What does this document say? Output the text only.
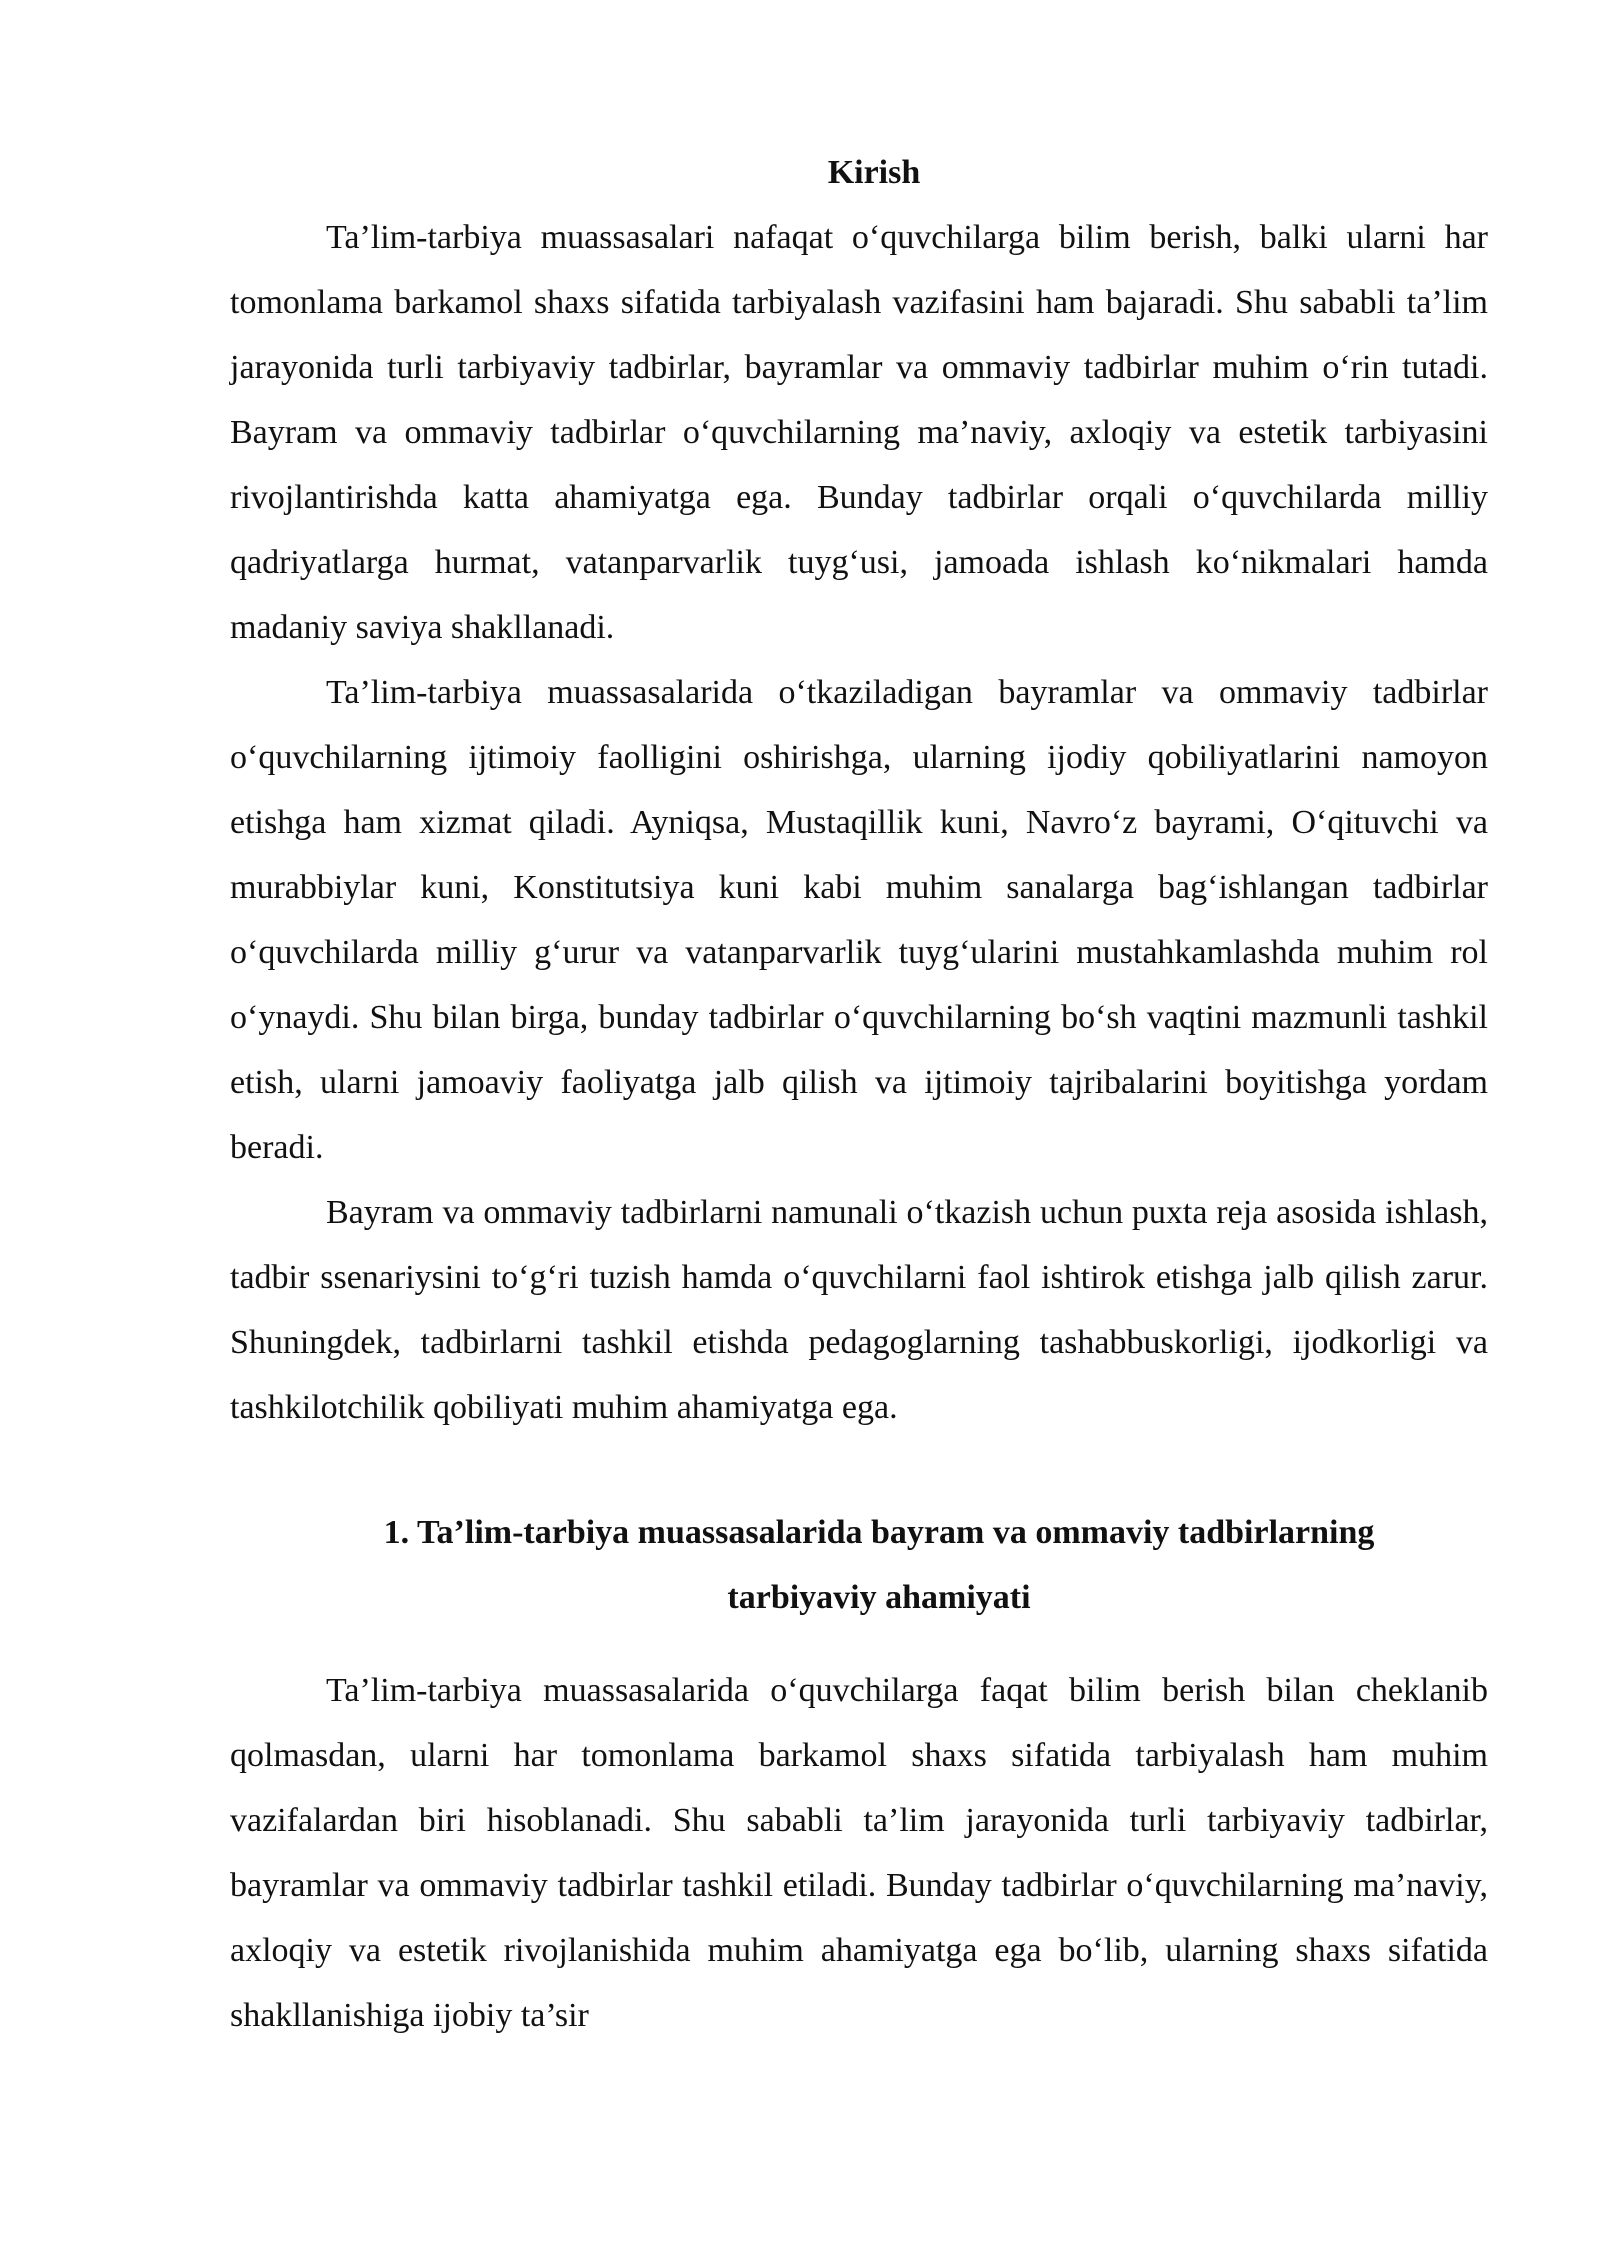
Kirish

Ta’lim-tarbiya muassasalari nafaqat o‘quvchilarga bilim berish, balki ularni har tomonlama barkamol shaxs sifatida tarbiyalash vazifasini ham bajaradi. Shu sababli ta’lim jarayonida turli tarbiyaviy tadbirlar, bayramlar va ommaviy tadbirlar muhim o‘rin tutadi. Bayram va ommaviy tadbirlar o‘quvchilarning ma’naviy, axloqiy va estetik tarbiyasini rivojlantirishda katta ahamiyatga ega. Bunday tadbirlar orqali o‘quvchilarda milliy qadriyatlarga hurmat, vatanparvarlik tuyg‘usi, jamoada ishlash ko‘nikmalari hamda madaniy saviya shakllanadi.

Ta’lim-tarbiya muassasalarida o‘tkaziladigan bayramlar va ommaviy tadbirlar o‘quvchilarning ijtimoiy faolligini oshirishga, ularning ijodiy qobiliyatlarini namoyon etishga ham xizmat qiladi. Ayniqsa, Mustaqillik kuni, Navro‘z bayrami, O‘qituvchi va murabbiylar kuni, Konstitutsiya kuni kabi muhim sanalarga bag‘ishlangan tadbirlar o‘quvchilarda milliy g‘urur va vatanparvarlik tuyg‘ularini mustahkamlashda muhim rol o‘ynaydi. Shu bilan birga, bunday tadbirlar o‘quvchilarning bo‘sh vaqtini mazmunli tashkil etish, ularni jamoaviy faoliyatga jalb qilish va ijtimoiy tajribalarini boyitishga yordam beradi.

Bayram va ommaviy tadbirlarni namunali o‘tkazish uchun puxta reja asosida ishlash, tadbir ssenariysini to‘g‘ri tuzish hamda o‘quvchilarni faol ishtirok etishga jalb qilish zarur. Shuningdek, tadbirlarni tashkil etishda pedagoglarning tashabbuskorligi, ijodkorligi va tashkilotchilik qobiliyati muhim ahamiyatga ega.

1. Ta’lim-tarbiya muassasalarida bayram va ommaviy tadbirlarning
tarbiyaviy ahamiyati

Ta’lim-tarbiya muassasalarida o‘quvchilarga faqat bilim berish bilan cheklanib qolmasdan, ularni har tomonlama barkamol shaxs sifatida tarbiyalash ham muhim vazifalardan biri hisoblanadi. Shu sababli ta’lim jarayonida turli tarbiyaviy tadbirlar, bayramlar va ommaviy tadbirlar tashkil etiladi. Bunday tadbirlar o‘quvchilarning ma’naviy, axloqiy va estetik rivojlanishida muhim ahamiyatga ega bo‘lib, ularning shaxs sifatida shakllanishiga ijobiy ta’sir
